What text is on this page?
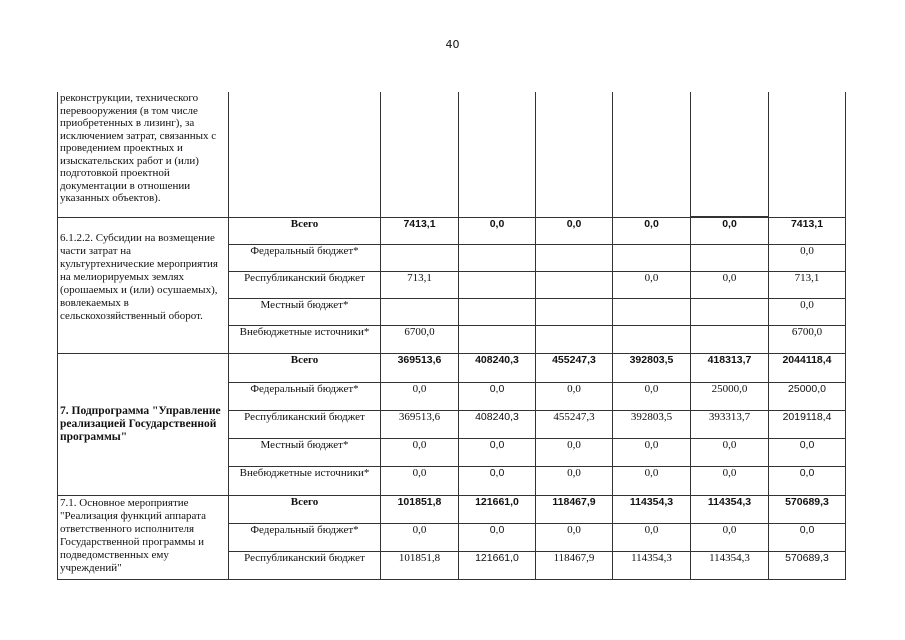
40
реконструкции, технического перевооружения (в том числе приобретенных в лизинг), за исключением затрат, связанных с проведением проектных и изыскательских работ и (или) подготовкой проектной документации в отношении указанных объектов).							

6.1.2.2. Субсидии на возмещение части затрат на культуртехнические мероприятия на мелиорируемых землях (орошаемых и (или) осушаемых), вовлекаемых в сельскохозяйственный оборот.	Всего	7413,1	0,0	0,0	0,0	0,0	7413,1
	Федеральный бюджет*						0,0
	Республиканский бюджет	713,1			0,0	0,0	713,1
	Местный бюджет*						0,0
	Внебюджетные источники*	6700,0					6700,0
7. Подпрограмма "Управление реализацией Государственной программы"	Всего	369513,6	408240,3	455247,3	392803,5	418313,7	2044118,4
	Федеральный бюджет*	0,0	0,0	0,0	0,0	25000,0	25000,0
	Республиканский бюджет	369513,6	408240,3	455247,3	392803,5	393313,7	2019118,4
	Местный бюджет*	0,0	0,0	0,0	0,0	0,0	0,0
	Внебюджетные источники*	0,0	0,0	0,0	0,0	0,0	0,0
7.1. Основное мероприятие "Реализация функций аппарата ответственного исполнителя Государственной программы и подведомственных ему учреждений"	Всего	101851,8	121661,0	118467,9	114354,3	114354,3	570689,3
	Федеральный бюджет*	0,0	0,0	0,0	0,0	0,0	0,0
	Республиканский бюджет	101851,8	121661,0	118467,9	114354,3	114354,3	570689,3
